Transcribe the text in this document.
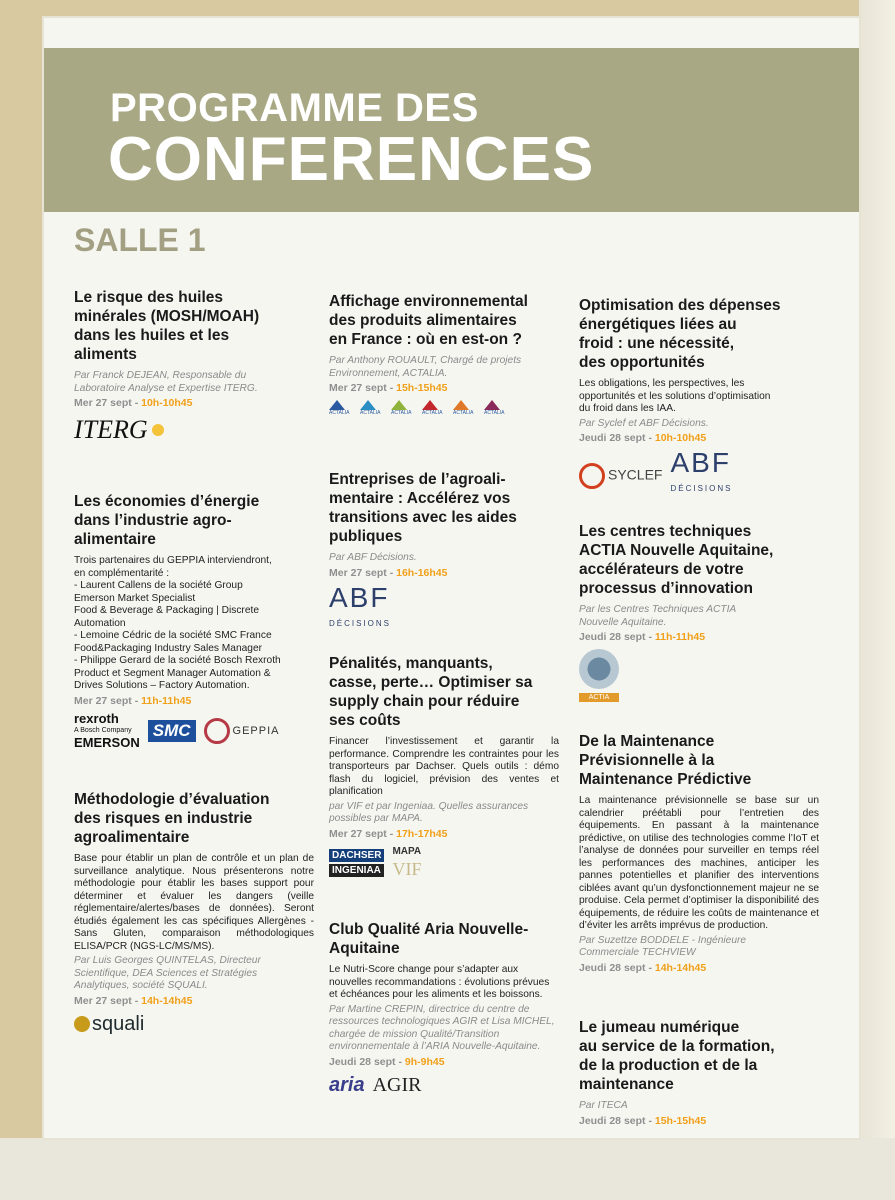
PROGRAMME DES
CONFERENCES
SALLE 1
Le risque des huiles
minérales (MOSH/MOAH)
dans les huiles et les
aliments
Par Franck DEJEAN, Responsable du
Laboratoire Analyse et Expertise ITERG.
Mer 27 sept - 10h-10h45
ITERG
Les économies d’énergie
dans l’industrie agro-
alimentaire
Trois partenaires du GEPPIA interviendront,
en complémentarité :
- Laurent Callens de la société Group
Emerson Market Specialist
Food & Beverage & Packaging | Discrete
Automation
- Lemoine Cédric de la société SMC France
Food&Packaging Industry Sales Manager
- Philippe Gerard de la société Bosch Rexroth
Product et Segment Manager Automation &
Drives Solutions – Factory Automation.
Mer 27 sept - 11h-11h45
rexroth
A Bosch Company
EMERSON
SMC	GEPPIA
Méthodologie d’évaluation
des risques en industrie
agroalimentaire
Base pour établir un plan de contrôle et un plan de surveillance analytique. Nous présenterons notre méthodologie pour établir les bases support pour déterminer et évaluer les dangers (veille réglementaire/alertes/bases de données). Seront étudiés également les cas spécifiques Allergènes - Sans Gluten, comparaison méthodologiques ELISA/PCR (NGS-LC/MS/MS).
Par Luis Georges QUINTELAS, Directeur
Scientifique, DEA Sciences et Stratégies
Analytiques, société SQUALI.
Mer 27 sept - 14h-14h45
squali
Affichage environnemental
des produits alimentaires
en France : où en est-on ?
Par Anthony ROUAULT, Chargé de projets
Environnement, ACTALIA.
Mer 27 sept - 15h-15h45
ACTALIA ACTALIA ACTALIA ACTALIA ACTALIA ACTALIA
Entreprises de l’agroali-
mentaire : Accélérez vos
transitions avec les aides
publiques
Par ABF Décisions.
Mer 27 sept - 16h-16h45
ABF
DÉCISIONS
Pénalités, manquants,
casse, perte… Optimiser sa
supply chain pour réduire
ses coûts
Financer l’investissement et garantir la performance. Comprendre les contraintes pour les transporteurs par Dachser. Quels outils : démo flash du logiciel, prévision des ventes et planification
par VIF et par Ingeniaa. Quelles assurances possibles par MAPA.
Mer 27 sept - 17h-17h45
DACHSER
INGENIAA
MAPA
VIF
Club Qualité Aria Nouvelle-
Aquitaine
Le Nutri-Score change pour s’adapter aux nouvelles recommandations : évolutions prévues et échéances pour les aliments et les boissons.
Par Martine CREPIN, directrice du centre de ressources technologiques AGIR et Lisa MICHEL, chargée de mission Qualité/Transition environnementale à l’ARIA Nouvelle-Aquitaine.
Jeudi 28 sept - 9h-9h45
aria AGIR
Optimisation des dépenses
énergétiques liées au
froid : une nécessité,
des opportunités
Les obligations, les perspectives, les
opportunités et les solutions d’optimisation
du froid dans les IAA.
Par Syclef et ABF Décisions.
Jeudi 28 sept - 10h-10h45
SYCLEF ABF
DÉCISIONS
Les centres techniques
ACTIA Nouvelle Aquitaine,
accélérateurs de votre
processus d’innovation
Par les Centres Techniques ACTIA
Nouvelle Aquitaine.
Jeudi 28 sept - 11h-11h45
ACTIA
De la Maintenance
Prévisionnelle à la
Maintenance Prédictive
La maintenance prévisionnelle se base sur un calendrier préétabli pour l’entretien des équipements. En passant à la maintenance prédictive, on utilise des technologies comme l’IoT et l’analyse de données pour surveiller en temps réel les performances des machines, anticiper les pannes potentielles et planifier des interventions ciblées avant qu’un dysfonctionnement majeur ne se produise. Cela permet d’optimiser la disponibilité des équipements, de réduire les coûts de maintenance et d’éviter les arrêts imprévus de production.
Par Suzettze BODDELE - Ingénieure
Commerciale TECHVIEW
Jeudi 28 sept - 14h-14h45
Le jumeau numérique
au service de la formation,
de la production et de la
maintenance
Par ITECA
Jeudi 28 sept - 15h-15h45
